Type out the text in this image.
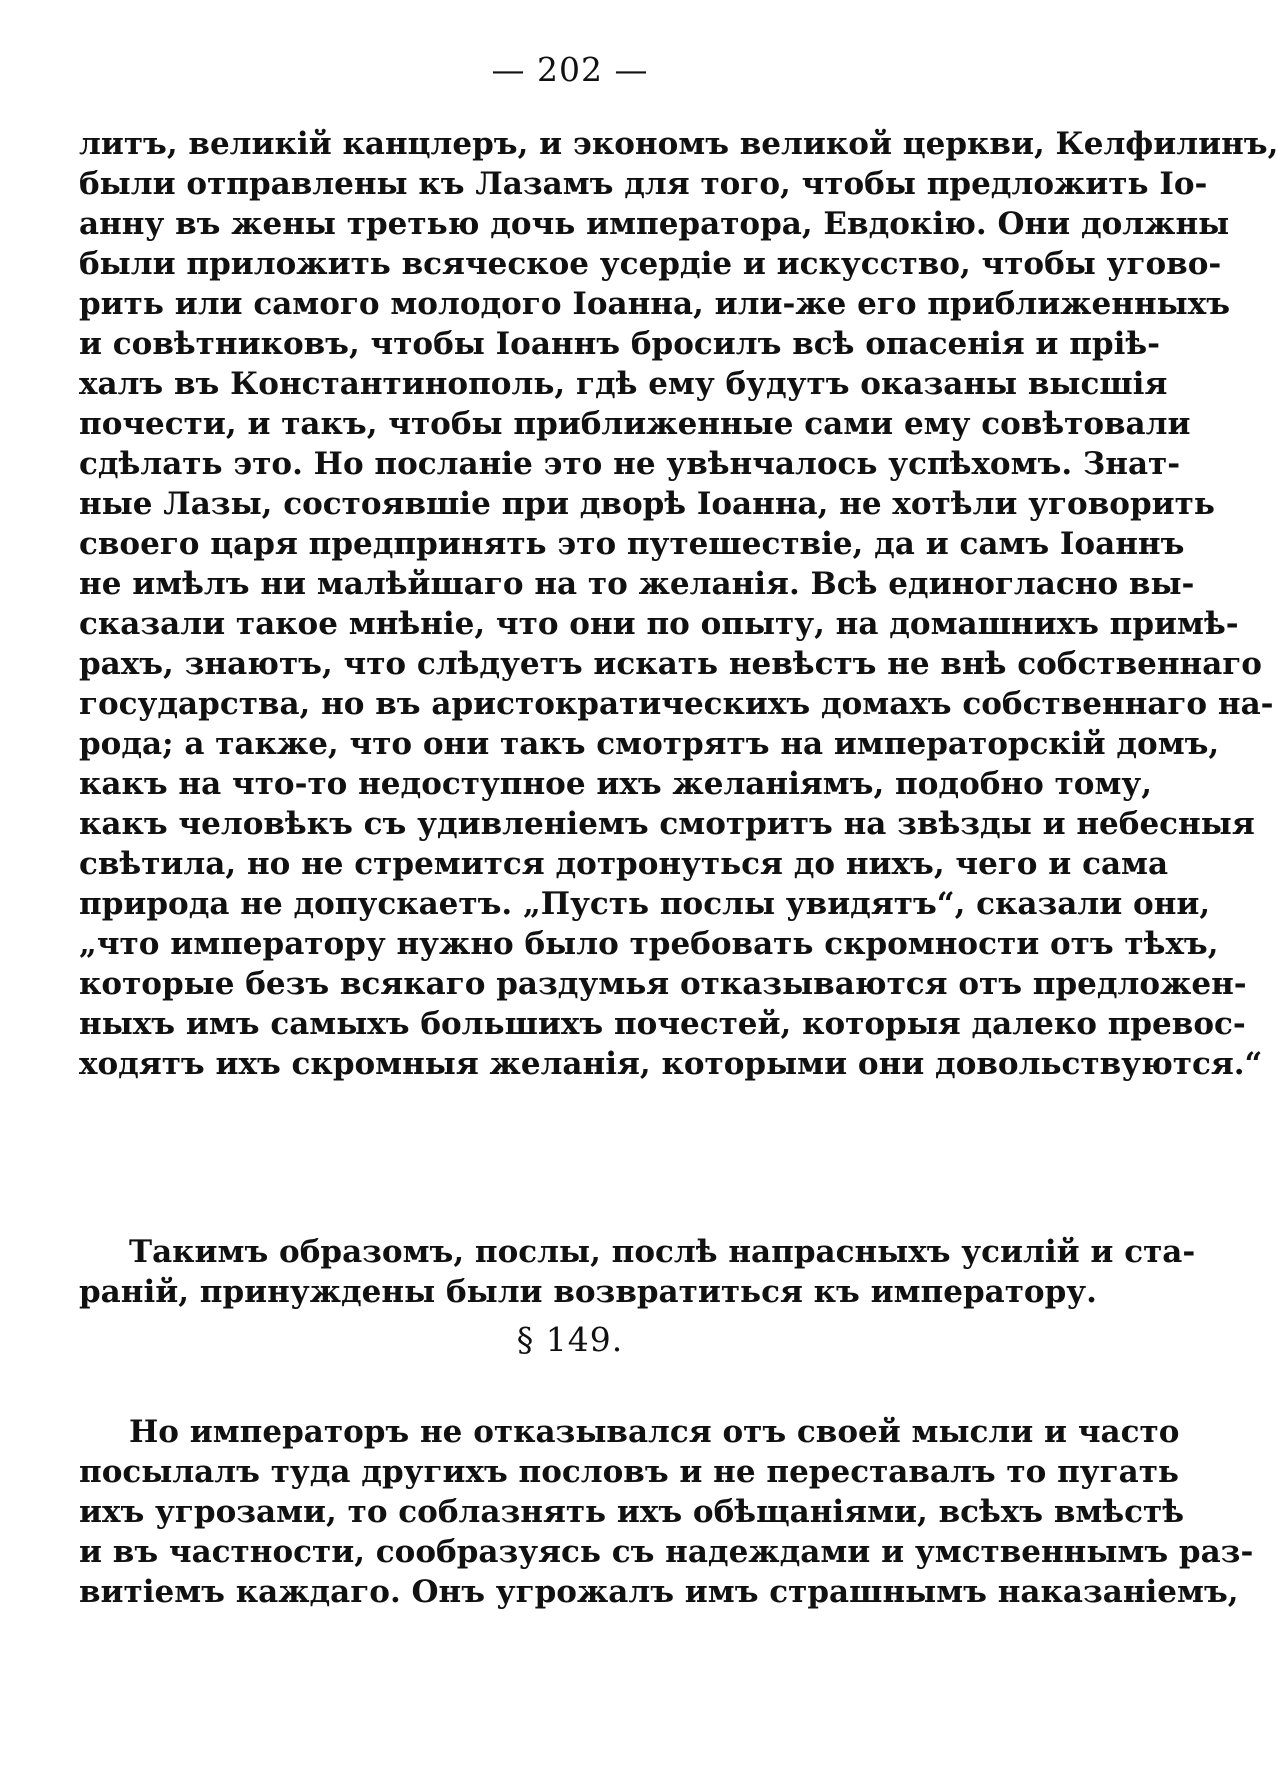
— 202 —
литъ, великій канцлеръ, и экономъ великой церкви, Келфилинъ,
были отправлены къ Лазамъ для того, чтобы предложить Іо-
анну въ жены третью дочь императора, Евдокію. Они должны
были приложить всяческое усердіе и искусство, чтобы угово-
рить или самого молодого Іоанна, или-же его приближенныхъ
и совѣтниковъ, чтобы Іоаннъ бросилъ всѣ опасенія и пріѣ-
халъ въ Константинополь, гдѣ ему будутъ оказаны высшія
почести, и такъ, чтобы приближенные сами ему совѣтовали
сдѣлать это. Но посланіе это не увѣнчалось успѣхомъ. Знат-
ные Лазы, состоявшіе при дворѣ Іоанна, не хотѣли уговорить
своего царя предпринять это путешествіе, да и самъ Іоаннъ
не имѣлъ ни малѣйшаго на то желанія. Всѣ единогласно вы-
сказали такое мнѣніе, что они по опыту, на домашнихъ примѣ-
рахъ, знаютъ, что слѣдуетъ искать невѣстъ не внѣ собственнаго
государства, но въ аристократическихъ домахъ собственнаго на-
рода; а также, что они такъ смотрятъ на императорскій домъ,
какъ на что-то недоступное ихъ желаніямъ, подобно тому,
какъ человѣкъ съ удивленіемъ смотритъ на звѣзды и небесныя
свѣтила, но не стремится дотронуться до нихъ, чего и сама
природа не допускаетъ. „Пусть послы увидятъ“, сказали они,
„что императору нужно было требовать скромности отъ тѣхъ,
которые безъ всякаго раздумья отказываются отъ предложен-
ныхъ имъ самыхъ большихъ почестей, которыя далеко превос-
ходятъ ихъ скромныя желанія, которыми они довольствуются.“
Такимъ образомъ, послы, послѣ напрасныхъ усилій и ста-
раній, принуждены были возвратиться къ императору.
§ 149.
Но императоръ не отказывался отъ своей мысли и часто
посылалъ туда другихъ пословъ и не переставалъ то пугать
ихъ угрозами, то соблазнять ихъ обѣщаніями, всѣхъ вмѣстѣ
и въ частности, сообразуясь съ надеждами и умственнымъ раз-
витіемъ каждаго. Онъ угрожалъ имъ страшнымъ наказаніемъ,
